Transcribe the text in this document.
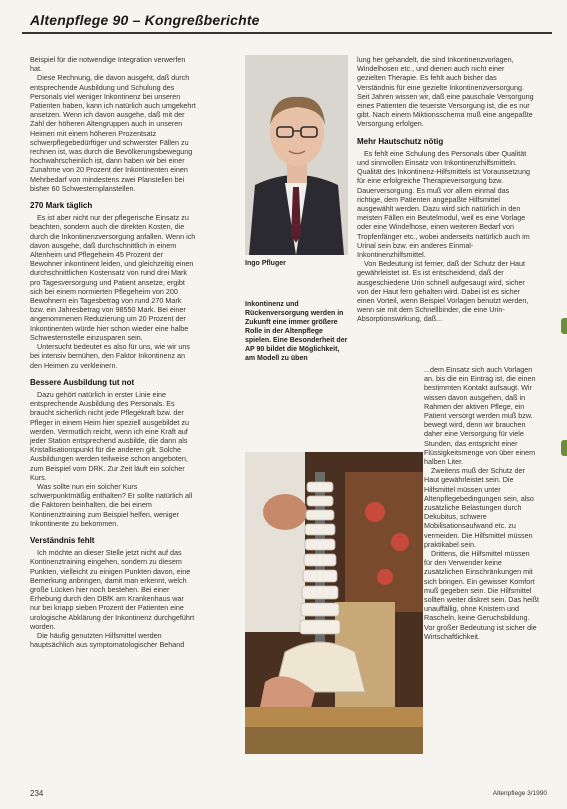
Altenpflege 90 – Kongreßberichte

Beispiel für die notwendige Integration verwerfen hat.

Diese Rechnung, die davon ausgeht, daß durch entsprechende Ausbildung und Schulung des Personals viel weniger Inkontinenz bei unseren Patienten haben, kann ich natürlich auch umgekehrt ansetzen. Wenn ich davon ausgehe, daß mit der Zahl der höheren Altengruppen auch in unseren Heimen mit einem höheren Prozentsatz schwerpflegebedürftiger und schwerster Fällen zu rechnen ist, was durch die Bevölkerungsbewegung hochwahrscheinlich ist, dann haben wir bei einer Zunahme von 20 Prozent der Inkontinenten einen Mehrbedarf von mindestens zwei Planstellen bei bisher 60 Schwesternplanstellen.

270 Mark täglich

Es ist aber nicht nur der pflegerische Einsatz zu beachten, sondern auch die direkten Kosten, die durch die Inkontinenzversorgung anfallen. Wenn ich davon ausgehe, daß durchschnittlich in einem Altenheim und Pflegeheim 45 Prozent der Bewohner inkontinent leiden, und gleichzeitig einen durchschnittlichen Kostensatz von rund drei Mark pro Tagesversorgung und Patient ansetze, ergibt sich bei einem normierten Pflegeheim von 200 Bewohnern ein Tagesbetrag von rund 270 Mark bzw. ein Jahresbetrag von 98550 Mark. Bei einer angenommenen Reduzierung um 20 Prozent der Inkontinenten würde hier schon wieder eine halbe Schwesternstelle einzusparen sein.

Untersucht bedeutet es also für uns, wie wir uns bei intensiv bemühen, den Faktor Inkontinenz an den Heimen zu verkleinern.

Bessere Ausbildung tut not

Dazu gehört natürlich in erster Linie eine entsprechende Ausbildung des Personals. Es braucht sicherlich nicht jede Pflegekraft bzw. der Pfleger in einem Heim hier speziell ausgebildet zu werden. Vermutlich reicht, wenn ich eine Kraft auf jeder Station entsprechend ausbilde, die dann als Kristallisationspunkt für die anderen gilt. Solche Ausbildungen werden teilweise schon angeboten, zum Beispiel vom DRK. Zur Zeit läuft ein solcher Kurs.

Was sollte nun ein solcher Kurs schwerpunktmäßig enthalten? Er sollte natürlich all die Faktoren beinhalten, die bei einem Kontinenztraining zum Beispiel helfen, weniger Inkontinente zu bekommen.

Verständnis fehlt

Ich möchte an dieser Stelle jetzt nicht auf das Kontinenztraining eingehen, sondern zu diesem Punkten, vielleicht zu einigen Punkten davon, eine Bemerkung anbringen, damit man erkennt, welch große Lücken hier noch bestehen. Bei einer Erhebung durch den DBfK am Krankenhaus war nur bei knapp sieben Prozent der Patienten eine urologische Abklärung der Inkontinenz durchgeführt worden.

Die häufig genutzten Hilfsmittel werden hauptsächlich aus symptomatologischer Behand

Ingo Pfluger
Inkontinenz und Rückenversorgung werden in Zukunft eine immer größere Rolle in der Altenpflege spielen. Eine Besonderheit der AP 90 bildet die Möglichkeit, am Modell zu üben

lung her gehandelt, die sind Inkontinenzvorlagen, Windelhosen etc., und dienen auch nicht einer gezielten Therapie. Es fehlt auch bisher das Verständnis für eine gezielte Inkontinenzversorgung. Seit Jahren wissen wir, daß eine pauschale Versorgung eines Patienten die teuerste Versorgung ist, die es nur gibt. Nach einem Miktionsschema muß eine angepaßte Versorgung erfolgen.

Mehr Hautschutz nötig

Es fehlt eine Schulung des Personals über Qualität und sinnvollen Einsatz von Inkontinenzhilfsmitteln. Qualität des Inkontinenz-Hilfsmittels ist Voraussetzung für eine erfolgreiche Therapieversorgung bzw. Dauerversorgung. Es muß vor allem einmal das richtige, dem Patienten angepaßte Hilfsmittel ausgewählt werden. Dazu wird sich natürlich in den meisten Fällen ein Beutelmodul, weil es eine Vorlage oder eine Windelhose, einen weiteren Bedarf von Tropfenfänger etc., wobei anderseits natürlich auch im Urinal sein bzw. ein anderes Einmal-Inkontinenzhilfsmittel.

Von Bedeutung ist ferner, daß der Schutz der Haut gewährleistet ist. Es ist entscheidend, daß der ausgeschiedene Urin schnell aufgesaugt wird, sicher von der Haut fern gehalten wird. Dabei ist es sicher einen Vorteil, wenn Beispiel Vorlagen benutzt werden, wenn sie mit dem Schnellbinder, die eine Urin-Absorptionswirkung, daß...

...dem Einsatz sich auch Vorlagen an, bis die ein Eintrag ist, die einen bestimmten Kontakt aufsaugt. Wir wissen davon ausgehen, daß in Rahmen der aktiven Pflege, ein Patient versorgt werden muß bzw. bewegt wird, denn wir brauchen daher eine Versorgung für viele Stunden, das entspricht einer Flüssigkeitsmenge von über einem halben Liter.

Zweitens muß der Schutz der Haut gewährleistet sein. Die Hilfsmittel müssen unter Altenpflegebedingungen sein, also zusätzliche Belastungen durch Dekubitus, schwere Mobilisationsaufwand etc. zu vermeiden. Die Hilfsmittel müssen praktikabel sein.

Drittens, die Hilfsmittel müssen für den Verwender keine zusätzlichen Einschränkungen mit sich bringen. Ein gewisser Komfort muß gegeben sein. Die Hilfsmittel sollten weiter diskret sein. Das heißt unauffällig, ohne Knistern und Rascheln, keine Geruchsbildung. Vor großer Bedeutung ist sicher die Wirtschaftlichkeit.

234	Altenpflege 3/1990
